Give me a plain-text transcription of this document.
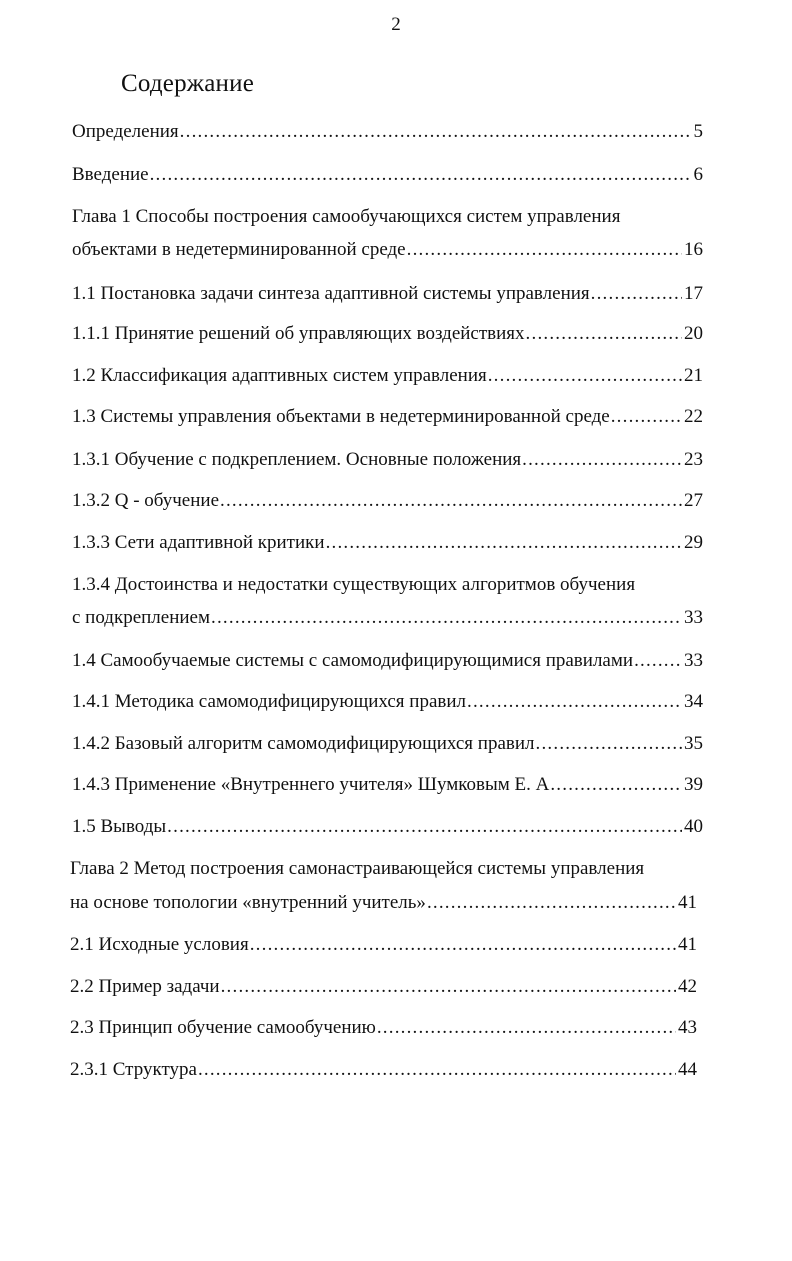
2
Содержание
Определения .....	5
Введение .....	6
Глава 1 Способы построения самообучающихся систем управления
объектами в недетерминированной среде .....	16
1.1 Постановка задачи синтеза адаптивной системы управления .....	17
1.1.1 Принятие решений об управляющих воздействиях .....	20
1.2 Классификация адаптивных систем управления .....	21
1.3 Системы управления объектами в недетерминированной среде .....	22
1.3.1 Обучение с подкреплением. Основные положения .....	23
1.3.2 Q - обучение .....	27
1.3.3 Сети адаптивной критики .....	29
1.3.4 Достоинства и недостатки существующих алгоритмов обучения
с подкреплением .....	33
1.4 Самообучаемые системы с самомодифицирующимися правилами .....	33
1.4.1 Методика самомодифицирующихся правил .....	34
1.4.2 Базовый алгоритм самомодифицирующихся правил .....	35
1.4.3 Применение «Внутреннего учителя» Шумковым Е. А .....	39
1.5 Выводы .....	40
Глава 2 Метод построения самонастраивающейся системы управления
на основе топологии «внутренний учитель» .....	41
2.1 Исходные условия .....	41
2.2 Пример задачи .....	42
2.3 Принцип обучение самообучению .....	43
2.3.1 Структура .....	44
